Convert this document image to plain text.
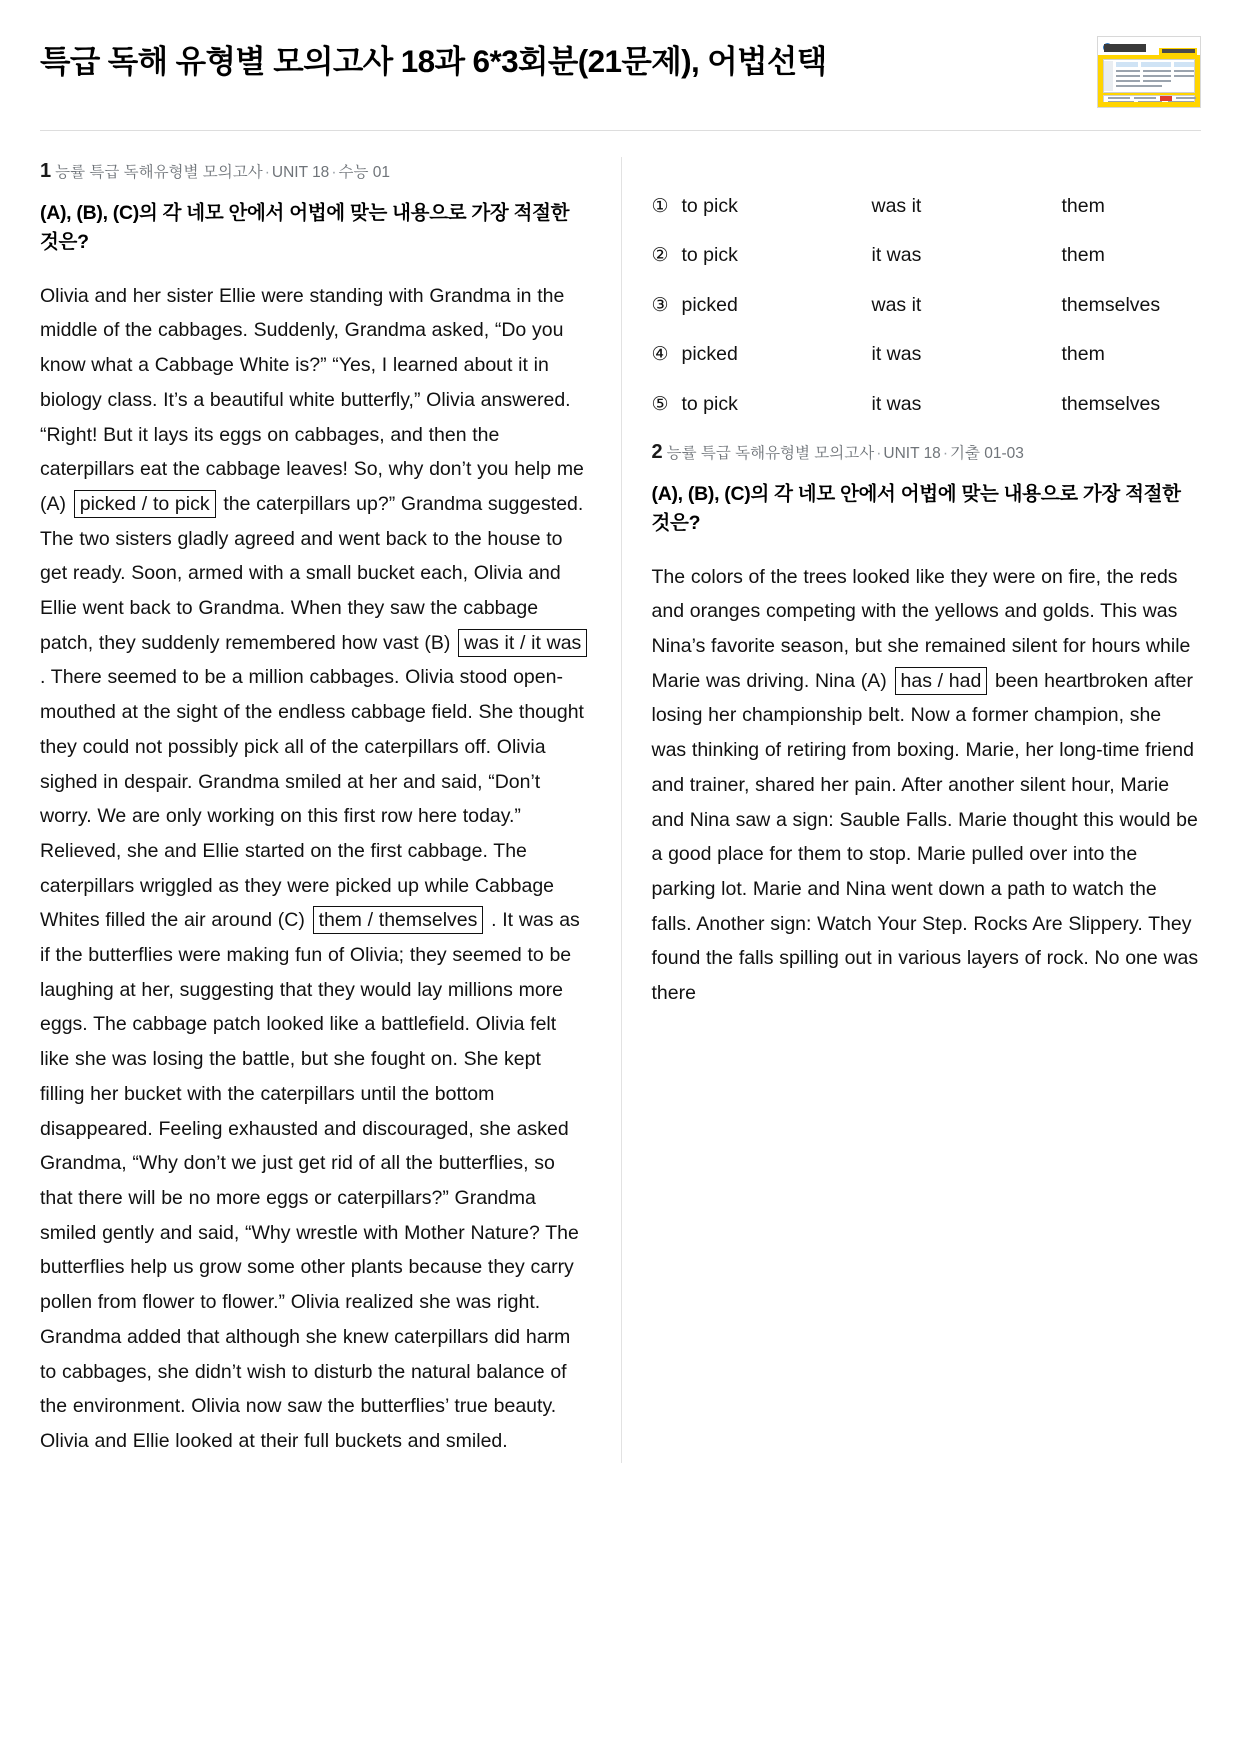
특급 독해 유형별 모의고사 18과 6*3회분(21문제), 어법선택
1 능률 특급 독해유형별 모의고사 · UNIT 18 · 수능 01

(A), (B), (C)의 각 네모 안에서 어법에 맞는 내용으로 가장 적절한 것은?

Olivia and her sister Ellie were standing with Grandma in the middle of the cabbages. Suddenly, Grandma asked, “Do you know what a Cabbage White is?” “Yes, I learned about it in biology class. It’s a beautiful white butterfly,” Olivia answered. “Right! But it lays its eggs on cabbages, and then the caterpillars eat the cabbage leaves! So, why don’t you help me (A) picked / to pick the caterpillars up?” Grandma suggested. The two sisters gladly agreed and went back to the house to get ready. Soon, armed with a small bucket each, Olivia and Ellie went back to Grandma. When they saw the cabbage patch, they suddenly remembered how vast (B) was it / it was . There seemed to be a million cabbages. Olivia stood open-mouthed at the sight of the endless cabbage field. She thought they could not possibly pick all of the caterpillars off. Olivia sighed in despair. Grandma smiled at her and said, “Don’t worry. We are only working on this first row here today.” Relieved, she and Ellie started on the first cabbage. The caterpillars wriggled as they were picked up while Cabbage Whites filled the air around (C) them / themselves . It was as if the butterflies were making fun of Olivia; they seemed to be laughing at her, suggesting that they would lay millions more eggs. The cabbage patch looked like a battlefield. Olivia felt like she was losing the battle, but she fought on. She kept filling her bucket with the caterpillars until the bottom disappeared. Feeling exhausted and discouraged, she asked Grandma, “Why don’t we just get rid of all the butterflies, so that there will be no more eggs or caterpillars?” Grandma smiled gently and said, “Why wrestle with Mother Nature? The butterflies help us grow some other plants because they carry pollen from flower to flower.” Olivia realized she was right. Grandma added that although she knew caterpillars did harm to cabbages, she didn’t wish to disturb the natural balance of the environment. Olivia now saw the butterflies’ true beauty. Olivia and Ellie looked at their full buckets and smiled.

① to pick	was it	them
② to pick	it was	them
③ picked	was it	themselves
④ picked	it was	them
⑤ to pick	it was	themselves
2 능률 특급 독해유형별 모의고사 · UNIT 18 · 기출 01-03

(A), (B), (C)의 각 네모 안에서 어법에 맞는 내용으로 가장 적절한 것은?

The colors of the trees looked like they were on fire, the reds and oranges competing with the yellows and golds. This was Nina’s favorite season, but she remained silent for hours while Marie was driving. Nina (A) has / had been heartbroken after losing her championship belt. Now a former champion, she was thinking of retiring from boxing. Marie, her long-time friend and trainer, shared her pain. After another silent hour, Marie and Nina saw a sign: Sauble Falls. Marie thought this would be a good place for them to stop. Marie pulled over into the parking lot. Marie and Nina went down a path to watch the falls. Another sign: Watch Your Step. Rocks Are Slippery. They found the falls spilling out in various layers of rock. No one was there
